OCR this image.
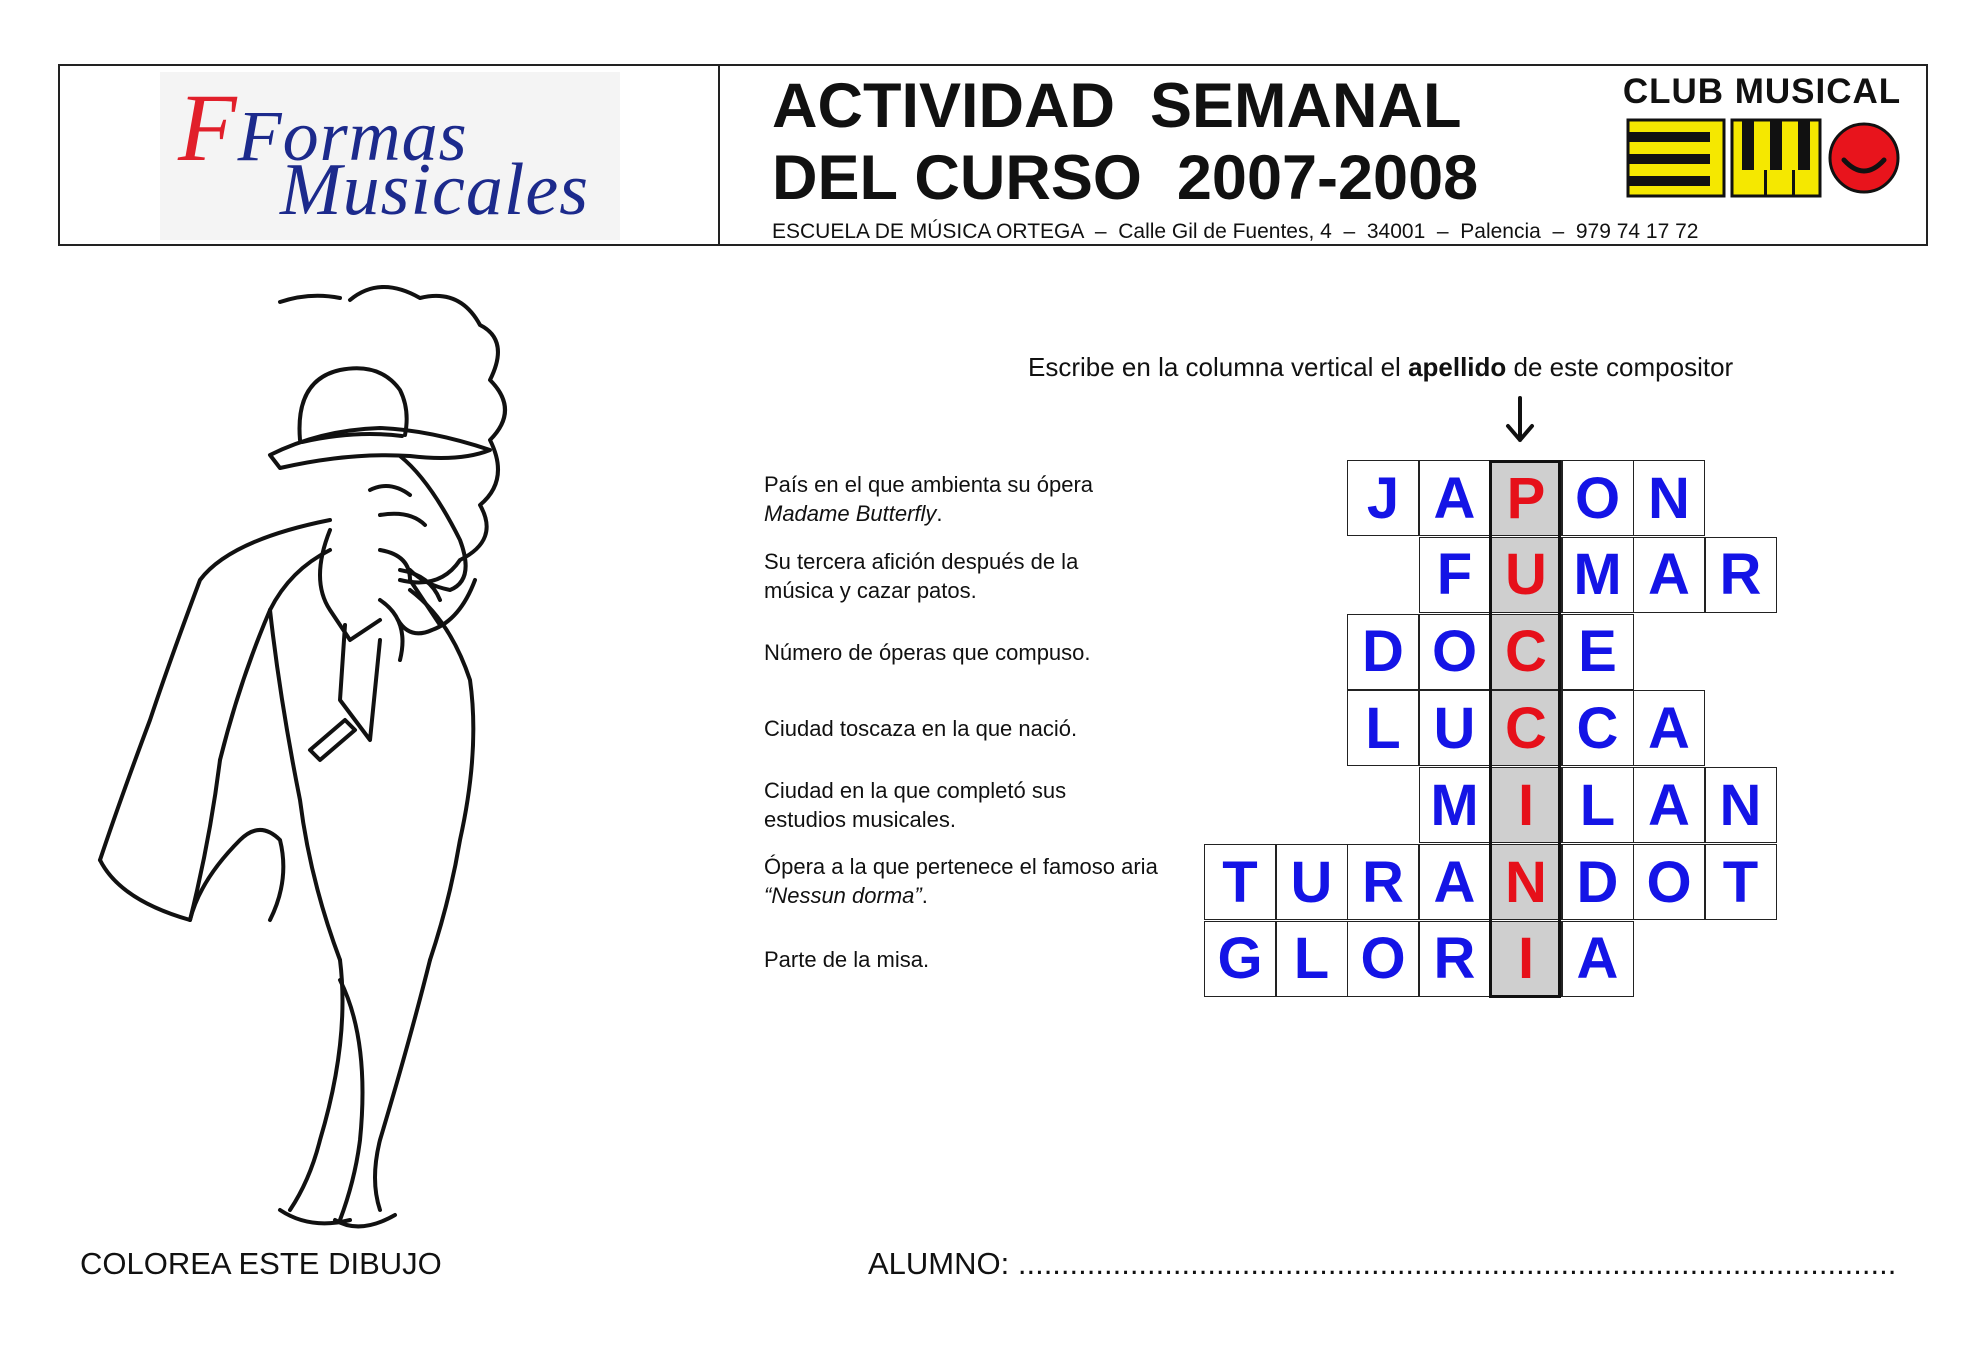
FFormas
Musicales
ACTIVIDAD  SEMANAL
DEL CURSO  2007-2008
ESCUELA DE MÚSICA ORTEGA  –  Calle Gil de Fuentes, 4  –  34001  –  Palencia  –  979 74 17 72
CLUB MUSICAL
Escribe en la columna vertical el apellido de este compositor
País en el que ambienta su ópera
Madame Butterfly.
Su tercera afición después de la música y cazar patos.
Número de óperas que compuso.
Ciudad toscaza en la que nació.
Ciudad en la que completó sus estudios musicales.
Ópera a la que pertenece el famoso aria “Nessun dorma”.
Parte de la misa.
J A P O N
F U M A R
D O C E
L U C C A
M I L A N
T U R A N D O T
G L O R I A
COLOREA ESTE DIBUJO	ALUMNO: ......................................................................................................
